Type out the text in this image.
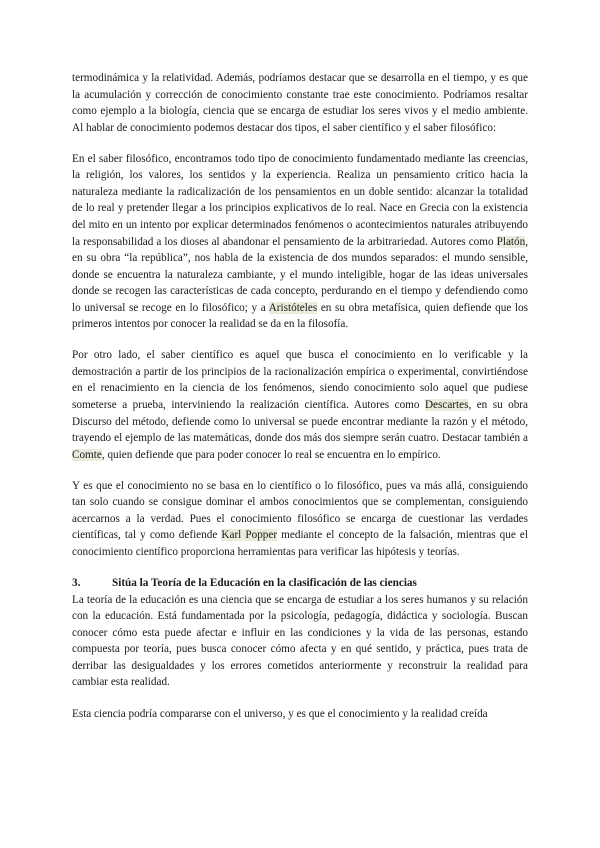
termodinámica y la relatividad. Además, podríamos destacar que se desarrolla en el tiempo, y es que la acumulación y corrección de conocimiento constante trae este conocimiento. Podríamos resaltar como ejemplo a la biología, ciencia que se encarga de estudiar los seres vivos y el medio ambiente. Al hablar de conocimiento podemos destacar dos tipos, el saber científico y el saber filosófico:

En el saber filosófico, encontramos todo tipo de conocimiento fundamentado mediante las creencias, la religión, los valores, los sentidos y la experiencia. Realiza un pensamiento crítico hacia la naturaleza mediante la radicalización de los pensamientos en un doble sentido: alcanzar la totalidad de lo real y pretender llegar a los principios explicativos de lo real. Nace en Grecia con la existencia del mito en un intento por explicar determinados fenómenos o acontecimientos naturales atribuyendo la responsabilidad a los dioses al abandonar el pensamiento de la arbitrariedad. Autores como Platón, en su obra “la república”, nos habla de la existencia de dos mundos separados: el mundo sensible, donde se encuentra la naturaleza cambiante, y el mundo inteligible, hogar de las ideas universales donde se recogen las características de cada concepto, perdurando en el tiempo y defendiendo como lo universal se recoge en lo filosófico; y a Aristóteles en su obra metafísica, quien defiende que los primeros intentos por conocer la realidad se da en la filosofía.

Por otro lado, el saber científico es aquel que busca el conocimiento en lo verificable y la demostración a partir de los principios de la racionalización empírica o experimental, convirtiéndose en el renacimiento en la ciencia de los fenómenos, siendo conocimiento solo aquel que pudiese someterse a prueba, interviniendo la realización científica. Autores como Descartes, en su obra Discurso del método, defiende como lo universal se puede encontrar mediante la razón y el método, trayendo el ejemplo de las matemáticas, donde dos más dos siempre serán cuatro. Destacar también a Comte, quien defiende que para poder conocer lo real se encuentra en lo empírico.

Y es que el conocimiento no se basa en lo científico o lo filosófico, pues va más allá, consiguiendo tan solo cuando se consigue dominar el ambos conocimientos que se complementan, consiguiendo acercarnos a la verdad. Pues el conocimiento filosófico se encarga de cuestionar las verdades científicas, tal y como defiende Karl Popper mediante el concepto de la falsación, mientras que el conocimiento científico proporciona herramientas para verificar las hipótesis y teorías.

3.	Sitúa la Teoría de la Educación en la clasificación de las ciencias

La teoría de la educación es una ciencia que se encarga de estudiar a los seres humanos y su relación con la educación. Está fundamentada por la psicología, pedagogía, didáctica y sociología. Buscan conocer cómo esta puede afectar e influir en las condiciones y la vida de las personas, estando compuesta por teoría, pues busca conocer cómo afecta y en qué sentido, y práctica, pues trata de derribar las desigualdades y los errores cometidos anteriormente y reconstruir la realidad para cambiar esta realidad.

Esta ciencia podría compararse con el universo, y es que el conocimiento y la realidad creída
